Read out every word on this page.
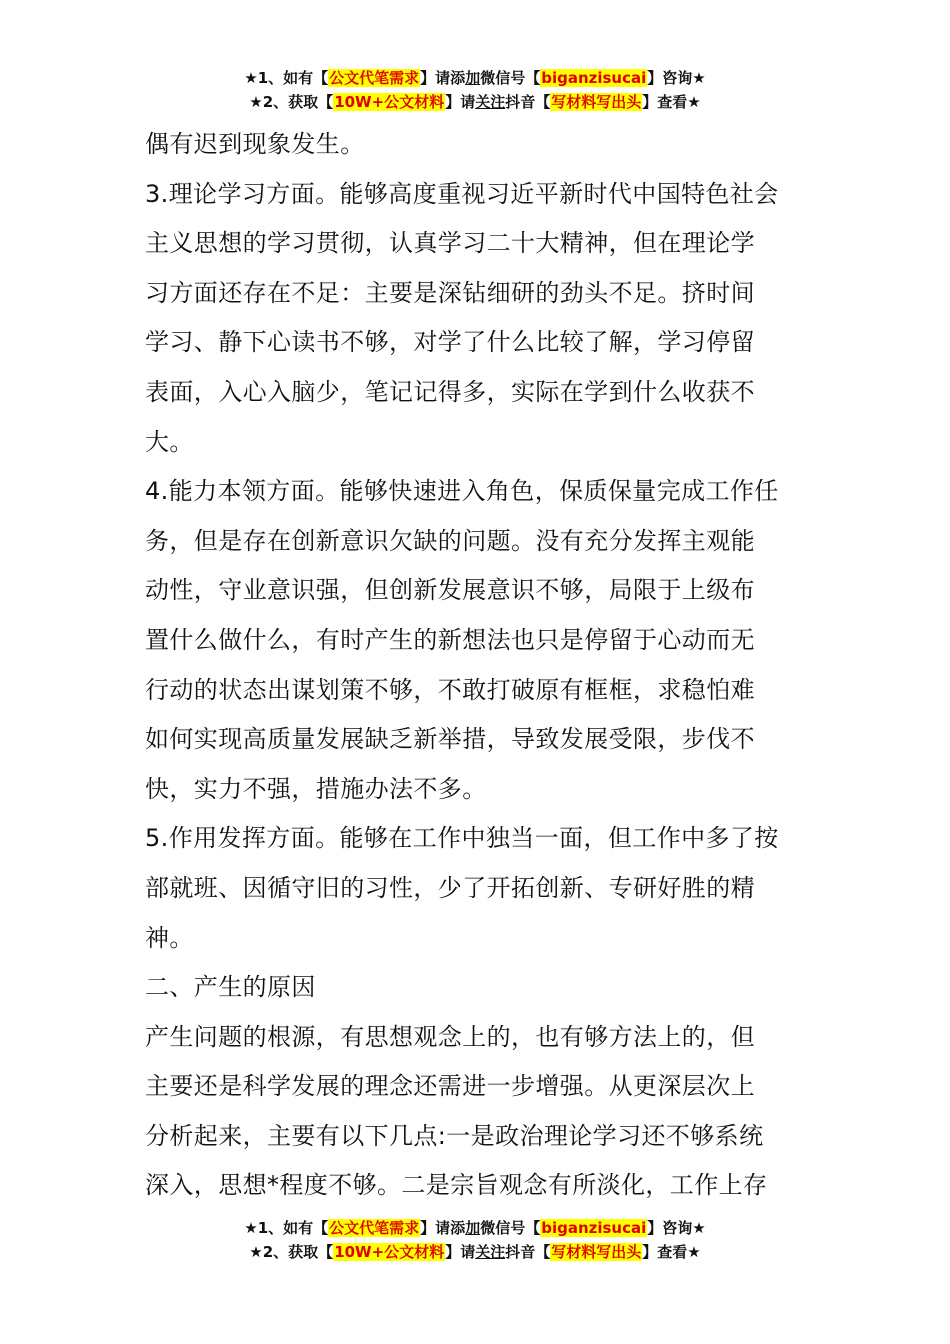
★1、如有【公文代笔需求】请添加微信号【biganzisucai】咨询★
★2、获取【10W+公文材料】请关注抖音【写材料写出头】查看★

偶有迟到现象发生。

3.理论学习方面。能够高度重视习近平新时代中国特色社会

主义思想的学习贯彻，认真学习二十大精神，但在理论学

习方面还存在不足：主要是深钻细研的劲头不足。挤时间

学习、静下心读书不够，对学了什么比较了解，学习停留

表面，入心入脑少，笔记记得多，实际在学到什么收获不

大。

4.能力本领方面。能够快速进入角色，保质保量完成工作任

务，但是存在创新意识欠缺的问题。没有充分发挥主观能

动性，守业意识强，但创新发展意识不够，局限于上级布

置什么做什么，有时产生的新想法也只是停留于心动而无

行动的状态出谋划策不够，不敢打破原有框框，求稳怕难

如何实现高质量发展缺乏新举措，导致发展受限，步伐不

快，实力不强，措施办法不多。

5.作用发挥方面。能够在工作中独当一面，但工作中多了按

部就班、因循守旧的习性，少了开拓创新、专研好胜的精

神。

二、产生的原因

产生问题的根源，有思想观念上的，也有够方法上的，但

主要还是科学发展的理念还需进一步增强。从更深层次上

分析起来，主要有以下几点:一是政治理论学习还不够系统

深入，思想*程度不够。二是宗旨观念有所淡化，工作上存

★1、如有【公文代笔需求】请添加微信号【biganzisucai】咨询★
★2、获取【10W+公文材料】请关注抖音【写材料写出头】查看★
